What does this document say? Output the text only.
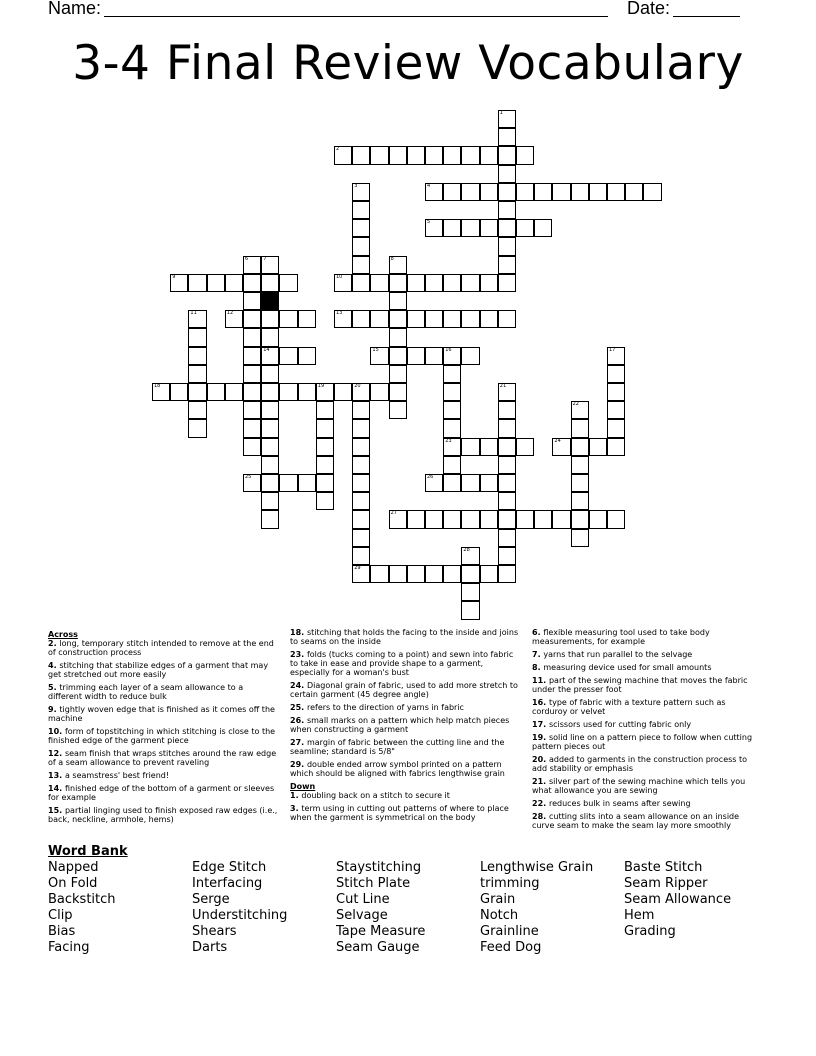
Name:	Date:
3-4 Final Review Vocabulary
1
2
3	4
5
6	7
14
8
9	10
11	12	13
15	16
23
17
18	19	20
29
21
22
24
25	26
27
28
Across
2. long, temporary stitch intended to remove at the end of construction process
4. stitching that stabilize edges of a garment that may get stretched out more easily
5. trimming each layer of a seam allowance to a different width to reduce bulk
9. tightly woven edge that is finished as it comes off the machine
10. form of topstitching in which stitching is close to the finished edge of the garment piece
12. seam finish that wraps stitches around the raw edge of a seam allowance to prevent raveling
13. a seamstress' best friend!
14. finished edge of the bottom of a garment or sleeves for example
15. partial linging used to finish exposed raw edges (i.e., back, neckline, armhole, hems)
18. stitching that holds the facing to the inside and joins to seams on the inside
23. folds (tucks coming to a point) and sewn into fabric to take in ease and provide shape to a garment, especially for a woman's bust
24. Diagonal grain of fabric, used to add more stretch to certain garment (45 degree angle)
25. refers to the direction of yarns in fabric
26. small marks on a pattern which help match pieces when constructing a garment
27. margin of fabric between the cutting line and the seamline; standard is 5/8"
29. double ended arrow symbol printed on a pattern which should be aligned with fabrics lengthwise grain
Down
1. doubling back on a stitch to secure it
3. term using in cutting out patterns of where to place when the garment is symmetrical on the body
6. flexible measuring tool used to take body measurements, for example
7. yarns that run parallel to the selvage
8. measuring device used for small amounts
11. part of the sewing machine that moves the fabric under the presser foot
16. type of fabric with a texture pattern such as corduroy or velvet
17. scissors used for cutting fabric only
19. solid line on a pattern piece to follow when cutting pattern pieces out
20. added to garments in the construction process to add stability or emphasis
21. silver part of the sewing machine which tells you what allowance you are sewing
22. reduces bulk in seams after sewing
28. cutting slits into a seam allowance on an inside curve seam to make the seam lay more smoothly
Word Bank
Napped
On Fold
Backstitch
Clip
Bias
Facing
Edge Stitch
Interfacing
Serge
Understitching
Shears
Darts
Staystitching
Stitch Plate
Cut Line
Selvage
Tape Measure
Seam Gauge
Lengthwise Grain
trimming
Grain
Notch
Grainline
Feed Dog
Baste Stitch
Seam Ripper
Seam Allowance
Hem
Grading
